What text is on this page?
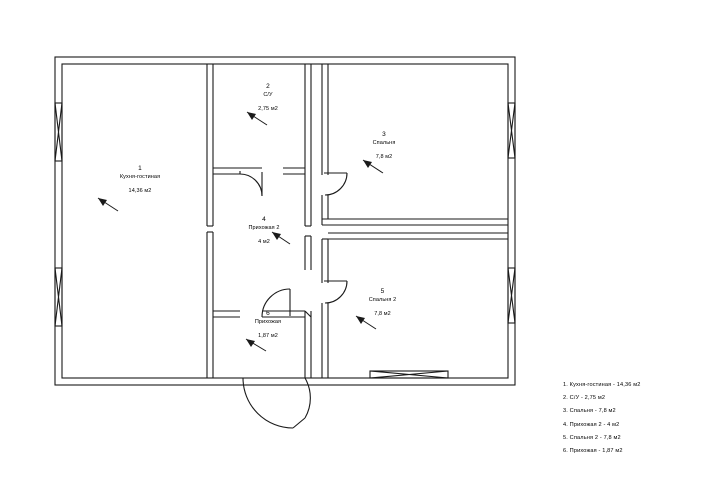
1
Кухня-гостиная
14,36 м2
2
С/У
2,75 м2
3
Спальня
7,8 м2
4
Прихожая 2
4 м2
5
Спальня 2
7,8 м2
6
Прихожая
1,87 м2
1. Кухня-гостиная - 14,36 м2
2. С/У - 2,75 м2
3. Спальня - 7,8 м2
4. Прихожая 2 - 4 м2
5. Спальня 2 - 7,8 м2
6. Прихожая - 1,87 м2
